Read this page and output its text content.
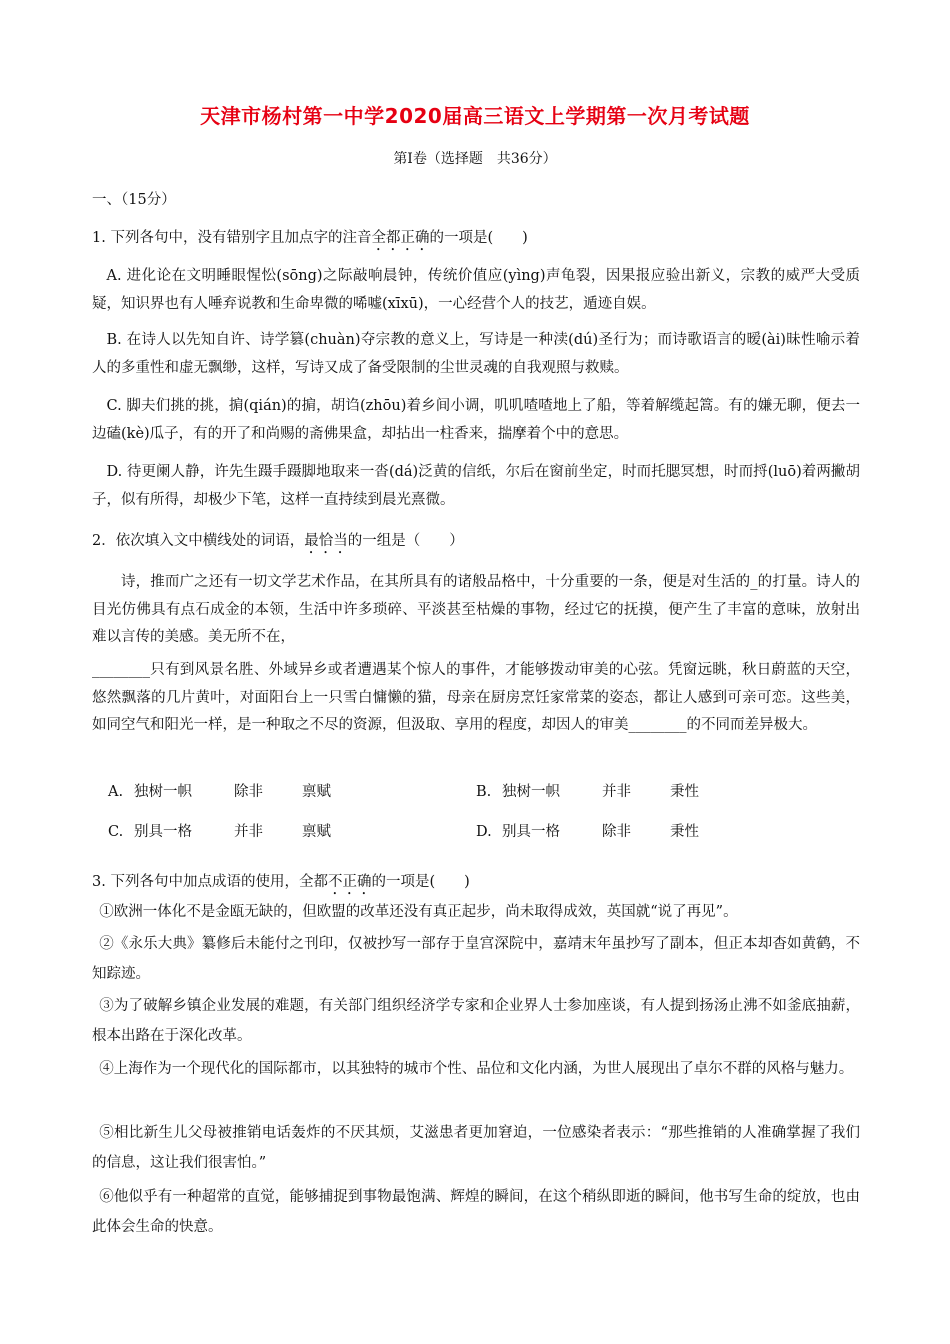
天津市杨村第一中学2020届高三语文上学期第一次月考试题
第Ⅰ卷（选择题　共36分）
一、（15分）
1. 下列各句中，没有错别字且加点字的注音全都正确的一项是(　　)
A. 进化论在文明睡眼惺忪(sōng)之际敲响晨钟，传统价值应(yìng)声龟裂，因果报应验出新义，宗教的威严大受质疑，知识界也有人唾弃说教和生命卑微的唏嘘(xīxū)，一心经营个人的技艺，遁迹自娱。
B. 在诗人以先知自许、诗学篡(chuàn)夺宗教的意义上，写诗是一种渎(dú)圣行为；而诗歌语言的暧(ài)昧性喻示着人的多重性和虚无飘缈，这样，写诗又成了备受限制的尘世灵魂的自我观照与救赎。
C. 脚夫们挑的挑，掮(qián)的掮，胡诌(zhōu)着乡间小调，叽叽喳喳地上了船，等着解缆起篙。有的嫌无聊，便去一边磕(kè)瓜子，有的开了和尚赐的斋佛果盒，却拈出一柱香来，揣摩着个中的意思。
D. 待更阑人静，许先生蹑手蹑脚地取来一沓(dá)泛黄的信纸，尔后在窗前坐定，时而托腮冥想，时而捋(luō)着两撇胡子，似有所得，却极少下笔，这样一直持续到晨光熹微。
2．依次填入文中横线处的词语，最恰当的一组是（　　）
诗，推而广之还有一切文学艺术作品，在其所具有的诸般品格中，十分重要的一条，便是对生活的_的打量。诗人的目光仿佛具有点石成金的本领，生活中许多琐碎、平淡甚至枯燥的事物，经过它的抚摸，便产生了丰富的意味，放射出难以言传的美感。美无所不在，
________只有到风景名胜、外域异乡或者遭遇某个惊人的事件，才能够拨动审美的心弦。凭窗远眺，秋日蔚蓝的天空，悠然飘落的几片黄叶，对面阳台上一只雪白慵懒的猫，母亲在厨房烹饪家常菜的姿态，都让人感到可亲可恋。这些美，如同空气和阳光一样，是一种取之不尽的资源，但汲取、享用的程度，却因人的审美________的不同而差异极大。
A. 独树一帜	除非	禀赋	B. 独树一帜	并非	秉性
C. 别具一格	并非	禀赋	D. 别具一格	除非	秉性
3. 下列各句中加点成语的使用，全都不正确的一项是(　　)
①欧洲一体化不是金瓯无缺的，但欧盟的改革还没有真正起步，尚未取得成效，英国就“说了再见”。
②《永乐大典》纂修后未能付之刊印，仅被抄写一部存于皇宫深院中，嘉靖末年虽抄写了副本，但正本却杳如黄鹤，不知踪迹。
③为了破解乡镇企业发展的难题，有关部门组织经济学专家和企业界人士参加座谈，有人提到扬汤止沸不如釜底抽薪，根本出路在于深化改革。
④上海作为一个现代化的国际都市，以其独特的城市个性、品位和文化内涵，为世人展现出了卓尔不群的风格与魅力。
⑤相比新生儿父母被推销电话轰炸的不厌其烦，艾滋患者更加窘迫，一位感染者表示：“那些推销的人准确掌握了我们的信息，这让我们很害怕。”
⑥他似乎有一种超常的直觉，能够捕捉到事物最饱满、辉煌的瞬间，在这个稍纵即逝的瞬间，他书写生命的绽放，也由此体会生命的快意。
